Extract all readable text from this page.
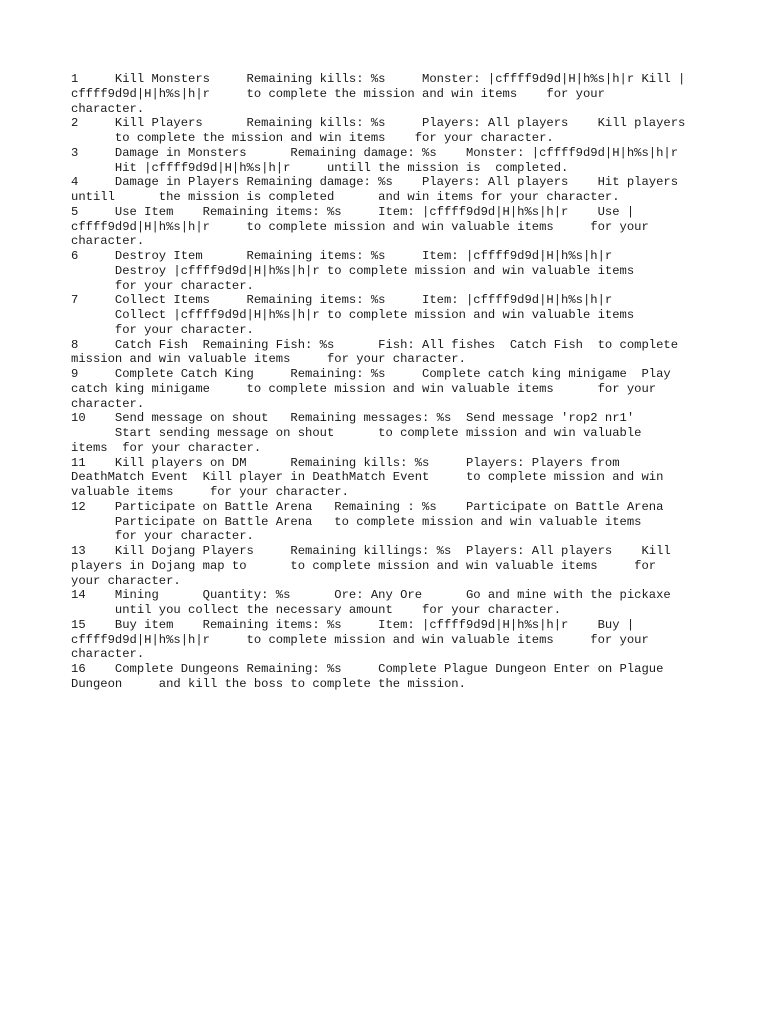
1     Kill Monsters     Remaining kills: %s     Monster: |cffff9d9d|H|h%s|h|r Kill |
cffff9d9d|H|h%s|h|r     to complete the mission and win items    for your
character.
2     Kill Players      Remaining kills: %s     Players: All players    Kill players
to complete the mission and win items    for your character.
3     Damage in Monsters      Remaining damage: %s    Monster: |cffff9d9d|H|h%s|h|r
Hit |cffff9d9d|H|h%s|h|r     untill the mission is  completed.
4     Damage in Players Remaining damage: %s    Players: All players    Hit players
untill      the mission is completed      and win items for your character.
5     Use Item    Remaining items: %s     Item: |cffff9d9d|H|h%s|h|r    Use |
cffff9d9d|H|h%s|h|r     to complete mission and win valuable items     for your
character.
6     Destroy Item      Remaining items: %s     Item: |cffff9d9d|H|h%s|h|r
Destroy |cffff9d9d|H|h%s|h|r to complete mission and win valuable items
for your character.
7     Collect Items     Remaining items: %s     Item: |cffff9d9d|H|h%s|h|r
Collect |cffff9d9d|H|h%s|h|r to complete mission and win valuable items
for your character.
8     Catch Fish  Remaining Fish: %s      Fish: All fishes  Catch Fish  to complete
mission and win valuable items     for your character.
9     Complete Catch King     Remaining: %s     Complete catch king minigame  Play
catch king minigame     to complete mission and win valuable items      for your
character.
10    Send message on shout   Remaining messages: %s  Send message 'rop2 nr1'
Start sending message on shout      to complete mission and win valuable
items  for your character.
11    Kill players on DM      Remaining kills: %s     Players: Players from
DeathMatch Event  Kill player in DeathMatch Event     to complete mission and win
valuable items     for your character.
12    Participate on Battle Arena   Remaining : %s    Participate on Battle Arena
Participate on Battle Arena   to complete mission and win valuable items
for your character.
13    Kill Dojang Players     Remaining killings: %s  Players: All players    Kill
players in Dojang map to      to complete mission and win valuable items     for
your character.
14    Mining      Quantity: %s      Ore: Any Ore      Go and mine with the pickaxe
until you collect the necessary amount    for your character.
15    Buy item    Remaining items: %s     Item: |cffff9d9d|H|h%s|h|r    Buy |
cffff9d9d|H|h%s|h|r     to complete mission and win valuable items     for your
character.
16    Complete Dungeons Remaining: %s     Complete Plague Dungeon Enter on Plague
Dungeon     and kill the boss to complete the mission.
